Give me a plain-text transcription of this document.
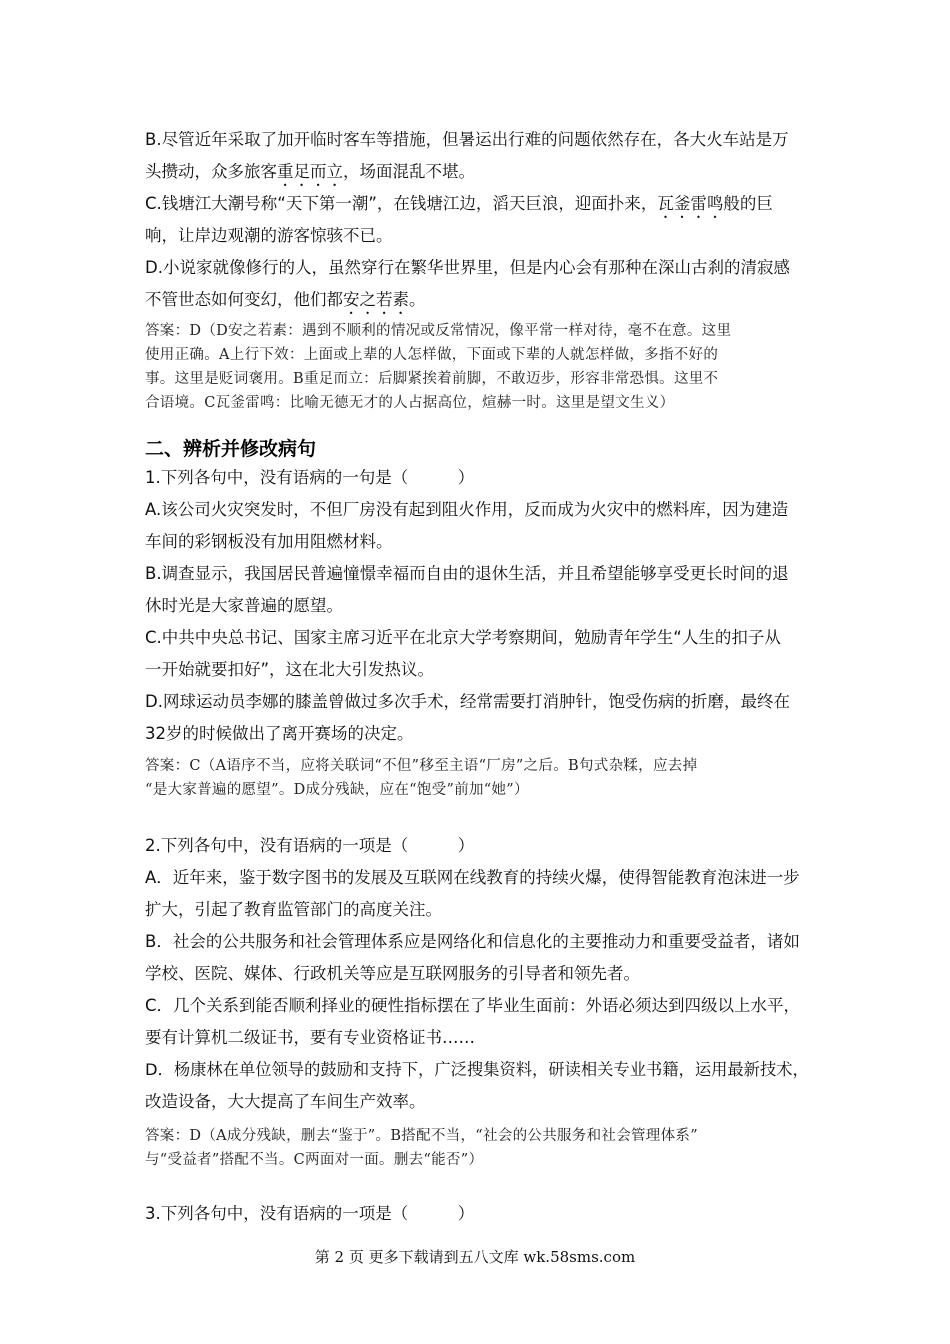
B.尽管近年采取了加开临时客车等措施，但暑运出行难的问题依然存在，各大火车站是万
头攒动，众多旅客重足而立，场面混乱不堪。
C.钱塘江大潮号称“天下第一潮”，在钱塘江边，滔天巨浪，迎面扑来，瓦釜雷鸣般的巨
响，让岸边观潮的游客惊骇不已。
D.小说家就像修行的人，虽然穿行在繁华世界里，但是内心会有那种在深山古刹的清寂感
不管世态如何变幻，他们都安之若素。
答案：D（D安之若素：遇到不顺利的情况或反常情况，像平常一样对待，毫不在意。这里
使用正确。A上行下效：上面或上辈的人怎样做，下面或下辈的人就怎样做，多指不好的
事。这里是贬词褒用。B重足而立：后脚紧挨着前脚，不敢迈步，形容非常恐惧。这里不
合语境。C瓦釜雷鸣：比喻无德无才的人占据高位，煊赫一时。这里是望文生义）
二、辨析并修改病句
1.下列各句中，没有语病的一句是（　　　）
A.该公司火灾突发时，不但厂房没有起到阻火作用，反而成为火灾中的燃料库，因为建造
车间的彩钢板没有加用阻燃材料。
B.调查显示，我国居民普遍憧憬幸福而自由的退休生活，并且希望能够享受更长时间的退
休时光是大家普遍的愿望。
C.中共中央总书记、国家主席习近平在北京大学考察期间，勉励青年学生“人生的扣子从
一开始就要扣好”，这在北大引发热议。
D.网球运动员李娜的膝盖曾做过多次手术，经常需要打消肿针，饱受伤病的折磨，最终在
32岁的时候做出了离开赛场的决定。
答案：C（A语序不当，应将关联词“不但”移至主语“厂房”之后。B句式杂糅，应去掉
“是大家普遍的愿望”。D成分残缺，应在“饱受”前加“她”）
2.下列各句中，没有语病的一项是（　　　）
A．近年来，鉴于数字图书的发展及互联网在线教育的持续火爆，使得智能教育泡沫进一步
扩大，引起了教育监管部门的高度关注。
B．社会的公共服务和社会管理体系应是网络化和信息化的主要推动力和重要受益者，诸如
学校、医院、媒体、行政机关等应是互联网服务的引导者和领先者。
C．几个关系到能否顺利择业的硬性指标摆在了毕业生面前：外语必须达到四级以上水平，
要有计算机二级证书，要有专业资格证书……
D．杨康林在单位领导的鼓励和支持下，广泛搜集资料，研读相关专业书籍，运用最新技术，
改造设备，大大提高了车间生产效率。
答案：D（A成分残缺，删去“鉴于”。B搭配不当，“社会的公共服务和社会管理体系”
与“受益者”搭配不当。C两面对一面。删去“能否”）
3.下列各句中，没有语病的一项是（　　　）
第 2 页 更多下载请到五八文库 wk.58sms.com
